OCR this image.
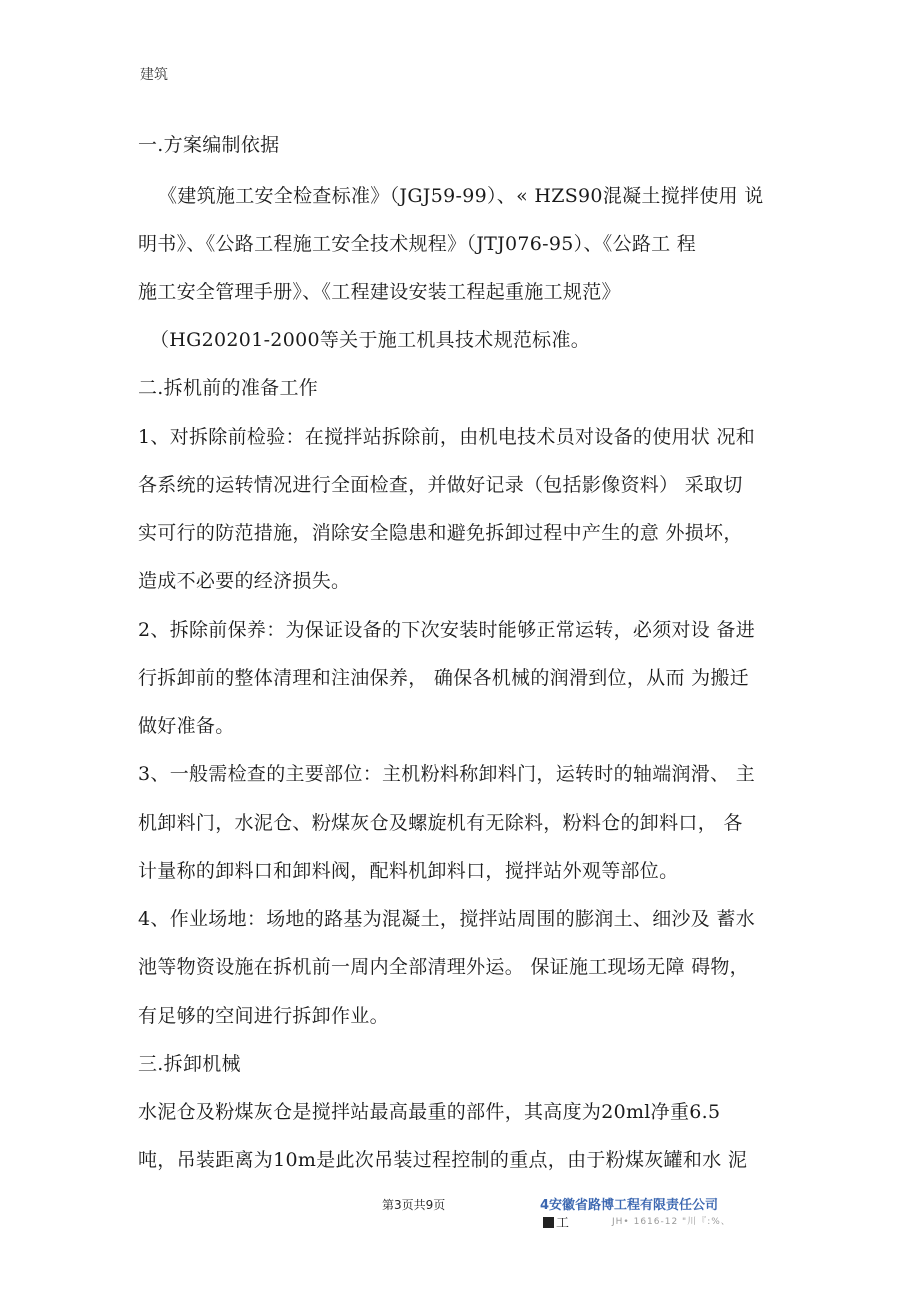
建筑
一.方案编制依据
《建筑施工安全检查标准》（JGJ59-99）、« HZS90混凝土搅拌使用 说
明书》、《公路工程施工安全技术规程》（JTJ076-95）、《公路工 程
施工安全管理手册》、《工程建设安装工程起重施工规范》
（HG20201-2000等关于施工机具技术规范标准。
二.拆机前的准备工作
1、对拆除前检验：在搅拌站拆除前，由机电技术员对设备的使用状 况和
各系统的运转情况进行全面检查，并做好记录（包括影像资料） 采取切
实可行的防范措施，消除安全隐患和避免拆卸过程中产生的意 外损坏，
造成不必要的经济损失。
2、拆除前保养：为保证设备的下次安装时能够正常运转，必须对设 备进
行拆卸前的整体清理和注油保养， 确保各机械的润滑到位，从而 为搬迁
做好准备。
3、一般需检查的主要部位：主机粉料称卸料门，运转时的轴端润滑、 主
机卸料门，水泥仓、粉煤灰仓及螺旋机有无除料，粉料仓的卸料口， 各
计量称的卸料口和卸料阀，配料机卸料口，搅拌站外观等部位。
4、作业场地：场地的路基为混凝土，搅拌站周围的膨润土、细沙及 蓄水
池等物资设施在拆机前一周内全部清理外运。 保证施工现场无障 碍物，
有足够的空间进行拆卸作业。
三.拆卸机械
水泥仓及粉煤灰仓是搅拌站最高最重的部件，其高度为20ml净重6.5
吨，吊装距离为10m是此次吊装过程控制的重点，由于粉煤灰罐和水 泥
第3页共9页	4安徽省路博工程有限责任公司
工	JH• 1616-12 "川『:%、
